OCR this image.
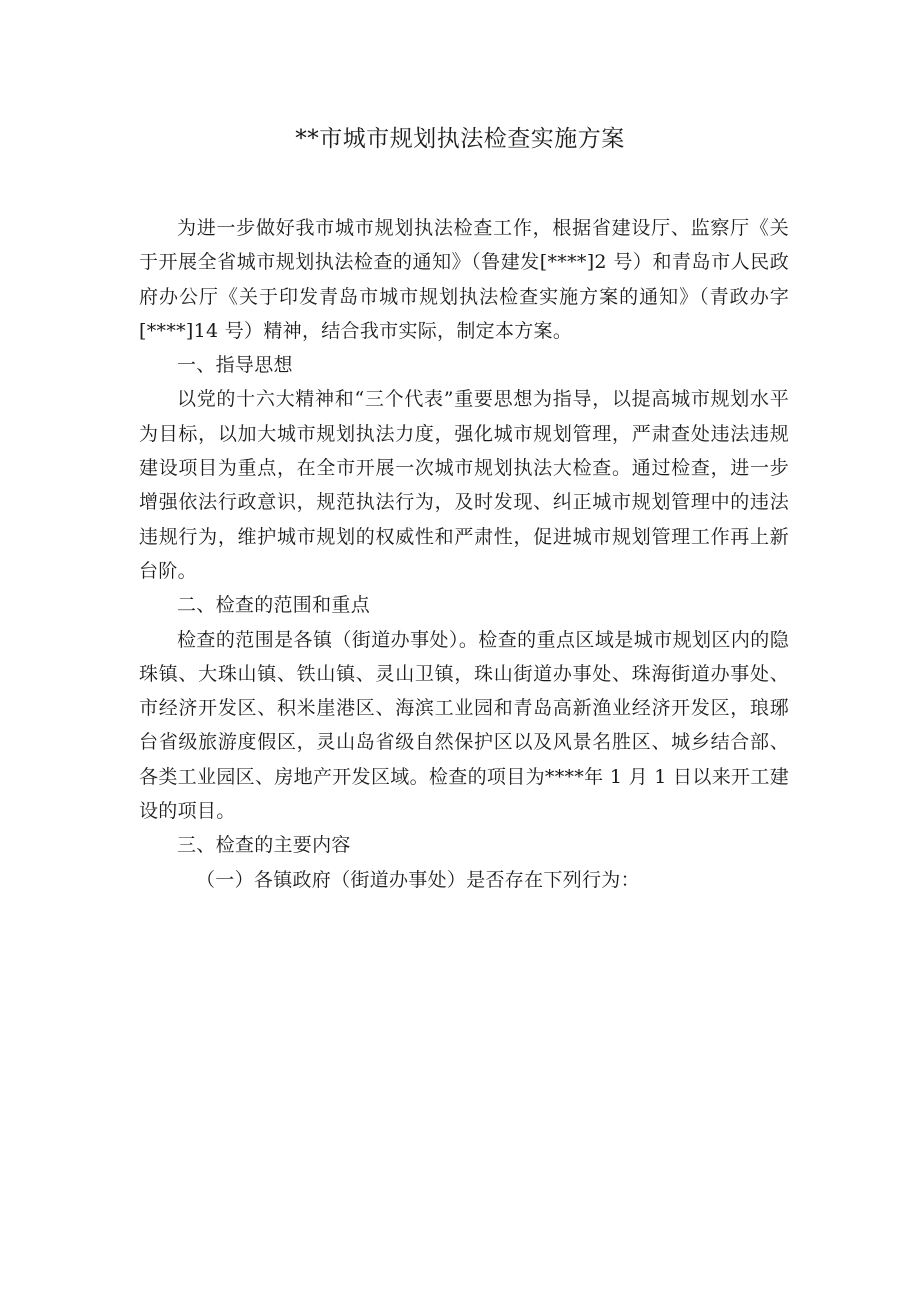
**市城市规划执法检查实施方案

为进一步做好我市城市规划执法检查工作，根据省建设厅、监察厅《关于开展全省城市规划执法检查的通知》（鲁建发[****]2 号）和青岛市人民政府办公厅《关于印发青岛市城市规划执法检查实施方案的通知》（青政办字[****]14 号）精神，结合我市实际，制定本方案。

一、指导思想

以党的十六大精神和“三个代表”重要思想为指导，以提高城市规划水平为目标，以加大城市规划执法力度，强化城市规划管理，严肃查处违法违规建设项目为重点，在全市开展一次城市规划执法大检查。通过检查，进一步增强依法行政意识，规范执法行为，及时发现、纠正城市规划管理中的违法违规行为，维护城市规划的权威性和严肃性，促进城市规划管理工作再上新台阶。

二、检查的范围和重点

检查的范围是各镇（街道办事处）。检查的重点区域是城市规划区内的隐珠镇、大珠山镇、铁山镇、灵山卫镇，珠山街道办事处、珠海街道办事处、市经济开发区、积米崖港区、海滨工业园和青岛高新渔业经济开发区，琅琊台省级旅游度假区，灵山岛省级自然保护区以及风景名胜区、城乡结合部、各类工业园区、房地产开发区域。检查的项目为****年 1 月 1 日以来开工建设的项目。

三、检查的主要内容

（一）各镇政府（街道办事处）是否存在下列行为：
